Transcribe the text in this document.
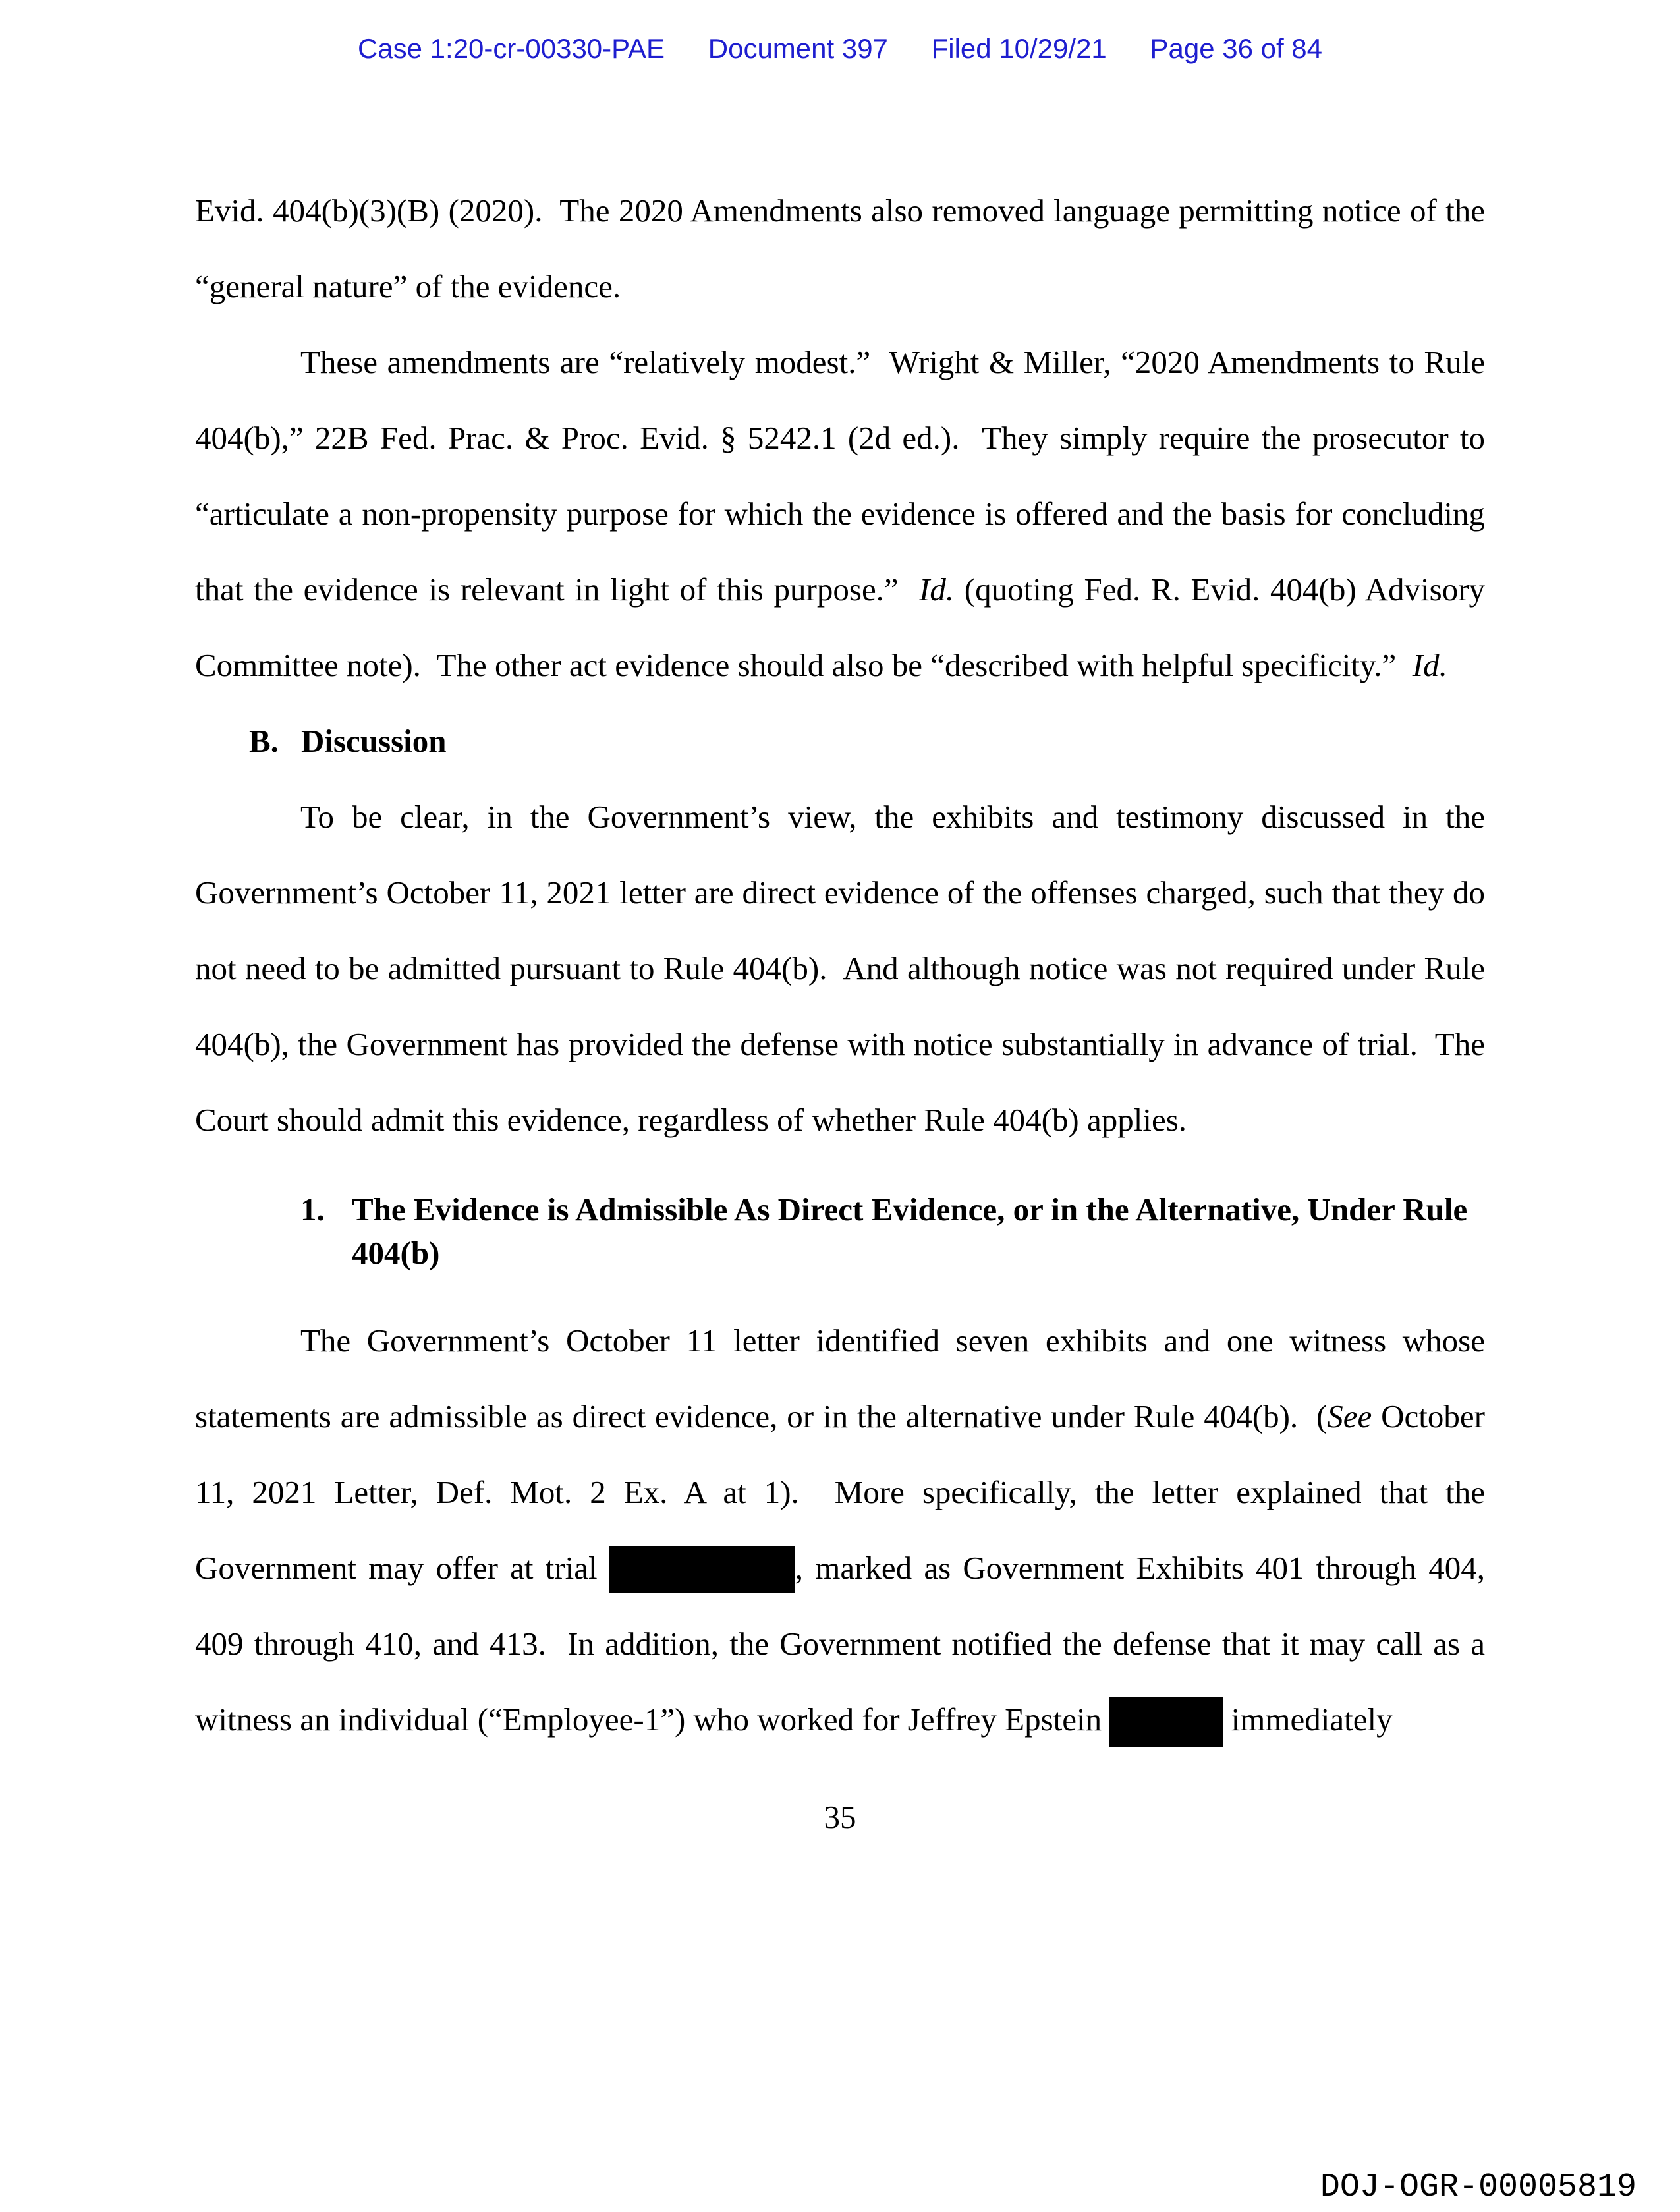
Case 1:20-cr-00330-PAE Document 397 Filed 10/29/21 Page 36 of 84

Evid. 404(b)(3)(B) (2020).  The 2020 Amendments also removed language permitting notice of the “general nature” of the evidence.

These amendments are “relatively modest.”  Wright & Miller, “2020 Amendments to Rule 404(b),” 22B Fed. Prac. & Proc. Evid. § 5242.1 (2d ed.).  They simply require the prosecutor to “articulate a non-propensity purpose for which the evidence is offered and the basis for concluding that the evidence is relevant in light of this purpose.”  Id. (quoting Fed. R. Evid. 404(b) Advisory Committee note).  The other act evidence should also be “described with helpful specificity.”  Id.

B. Discussion

To be clear, in the Government’s view, the exhibits and testimony discussed in the Government’s October 11, 2021 letter are direct evidence of the offenses charged, such that they do not need to be admitted pursuant to Rule 404(b).  And although notice was not required under Rule 404(b), the Government has provided the defense with notice substantially in advance of trial.  The Court should admit this evidence, regardless of whether Rule 404(b) applies.

1. The Evidence is Admissible As Direct Evidence, or in the Alternative, Under Rule 404(b)

The Government’s October 11 letter identified seven exhibits and one witness whose statements are admissible as direct evidence, or in the alternative under Rule 404(b).  (See October 11, 2021 Letter, Def. Mot. 2 Ex. A at 1).  More specifically, the letter explained that the Government may offer at trial	, marked as Government Exhibits 401 through 404, 409 through 410, and 413.  In addition, the Government notified the defense that it may call as a witness an individual (“Employee-1”) who worked for Jeffrey Epstein	immediately

35
DOJ-OGR-00005819
